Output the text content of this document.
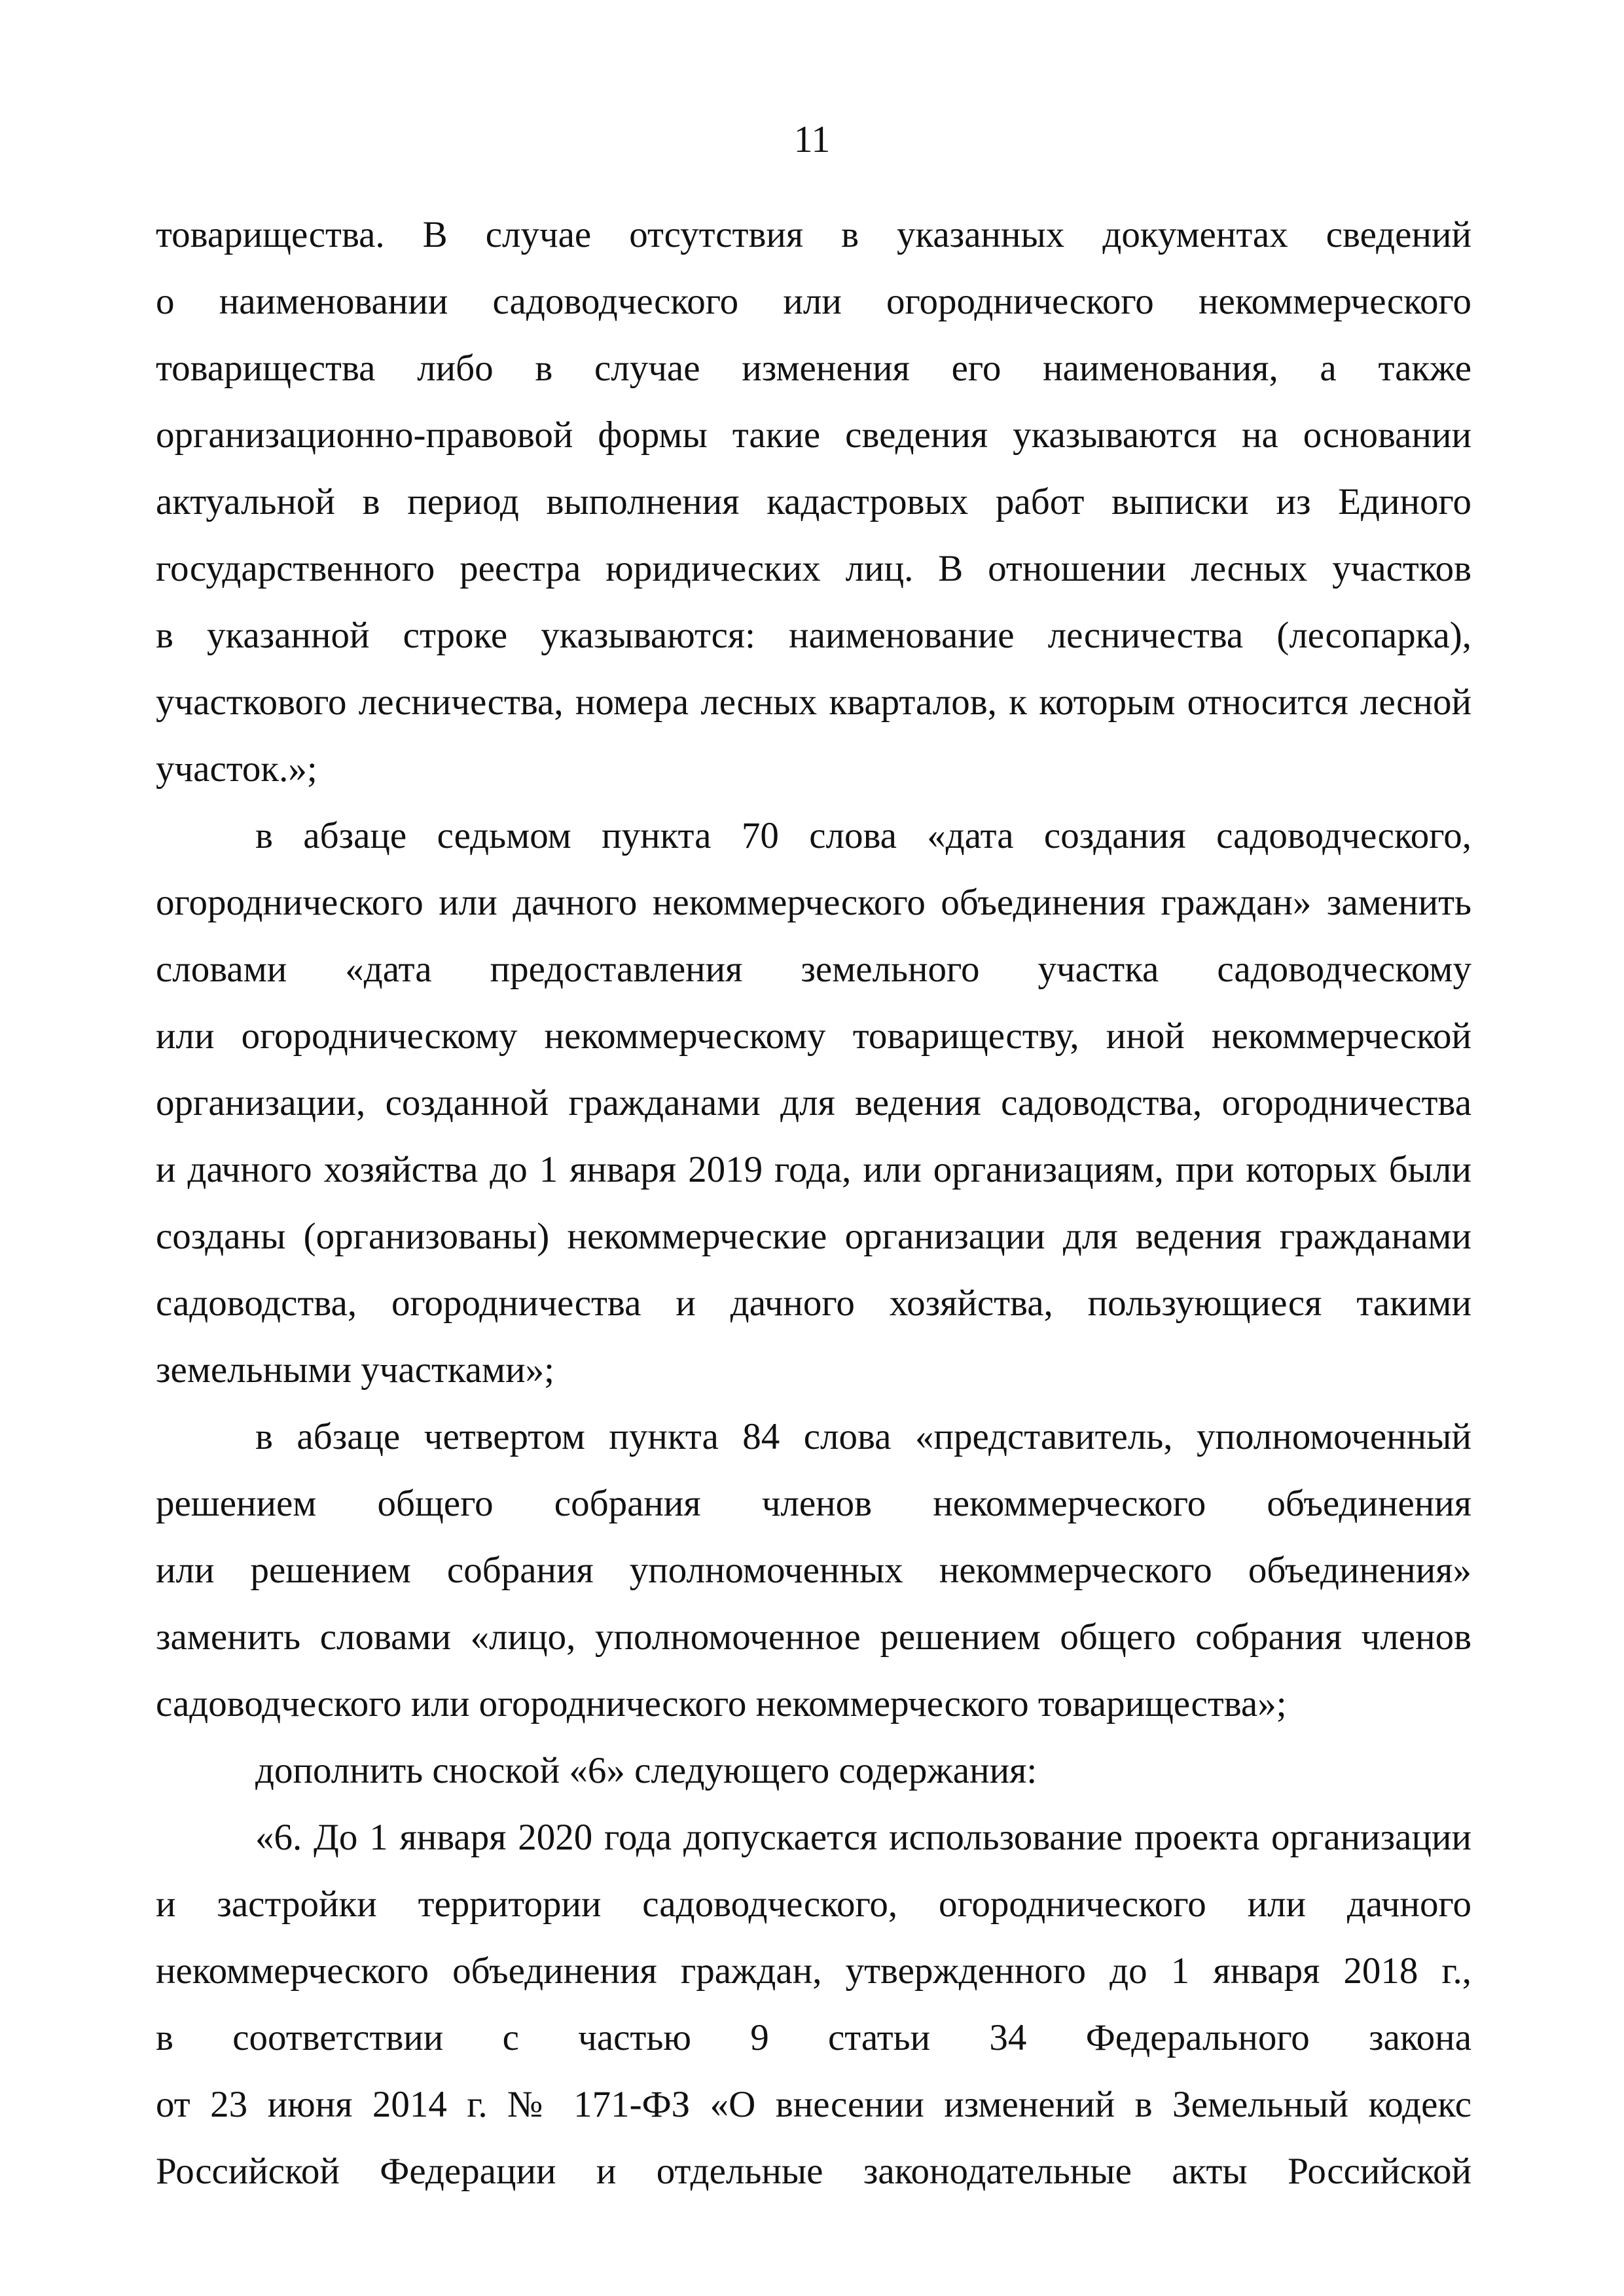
11
товарищества. В случае отсутствия в указанных документах сведений
о наименовании садоводческого или огороднического некоммерческого
товарищества либо в случае изменения его наименования, а также
организационно-правовой формы такие сведения указываются на основании
актуальной в период выполнения кадастровых работ выписки из Единого
государственного реестра юридических лиц. В отношении лесных участков
в указанной строке указываются: наименование лесничества (лесопарка),
участкового лесничества, номера лесных кварталов, к которым относится лесной
участок.»;
в абзаце седьмом пункта 70 слова «дата создания садоводческого,
огороднического или дачного некоммерческого объединения граждан» заменить
словами «дата предоставления земельного участка садоводческому
или огородническому некоммерческому товариществу, иной некоммерческой
организации, созданной гражданами для ведения садоводства, огородничества
и дачного хозяйства до 1 января 2019 года, или организациям, при которых были
созданы (организованы) некоммерческие организации для ведения гражданами
садоводства, огородничества и дачного хозяйства, пользующиеся такими
земельными участками»;
в абзаце четвертом пункта 84 слова «представитель, уполномоченный
решением общего собрания членов некоммерческого объединения
или решением собрания уполномоченных некоммерческого объединения»
заменить словами «лицо, уполномоченное решением общего собрания членов
садоводческого или огороднического некоммерческого товарищества»;
дополнить сноской «6» следующего содержания:
«6. До 1 января 2020 года допускается использование проекта организации
и застройки территории садоводческого, огороднического или дачного
некоммерческого объединения граждан, утвержденного до 1 января 2018 г.,
в соответствии с частью 9 статьи 34 Федерального закона
от 23 июня 2014 г. № 171-ФЗ «О внесении изменений в Земельный кодекс
Российской Федерации и отдельные законодательные акты Российской
